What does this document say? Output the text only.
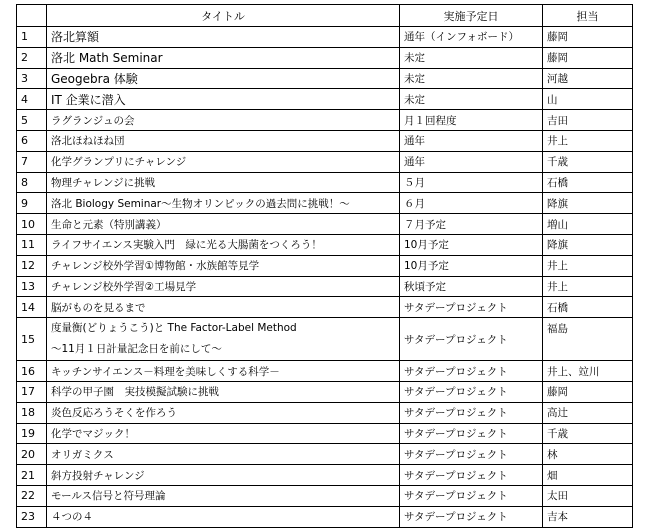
	タイトル	実施予定日	担当
1	洛北算額	通年（インフォボード）	藤岡
2	洛北 Math Seminar	未定	藤岡
3	Geogebra 体験	未定	河越
4	IT 企業に潜入	未定	山
5	ラグランジュの会	月１回程度	吉田
6	洛北ほねほね団	通年	井上
7	化学グランプリにチャレンジ	通年	千歳
8	物理チャレンジに挑戦	５月	石橋
9	洛北 Biology Seminar～生物オリンピックの過去問に挑戦！～	６月	降旗
10	生命と元素（特別講義）	７月予定	増山
11	ライフサイエンス実験入門　緑に光る大腸菌をつくろう！	10月予定	降旗
12	チャレンジ校外学習①博物館・水族館等見学	10月予定	井上
13	チャレンジ校外学習②工場見学	秋頃予定	井上
14	脳がものを見るまで	サタデープロジェクト	石橋
15	度量衡(どりょうこう)と The Factor-Label Method
～11月１日計量記念日を前にして～	サタデープロジェクト	福島
16	キッチンサイエンス－料理を美味しくする科学－	サタデープロジェクト	井上、竝川
17	科学の甲子園　実技模擬試験に挑戦	サタデープロジェクト	藤岡
18	炎色反応ろうそくを作ろう	サタデープロジェクト	高辻
19	化学でマジック！	サタデープロジェクト	千歳
20	オリガミクス	サタデープロジェクト	林
21	斜方投射チャレンジ	サタデープロジェクト	畑
22	モールス信号と符号理論	サタデープロジェクト	太田
23	４つの４	サタデープロジェクト	吉本
